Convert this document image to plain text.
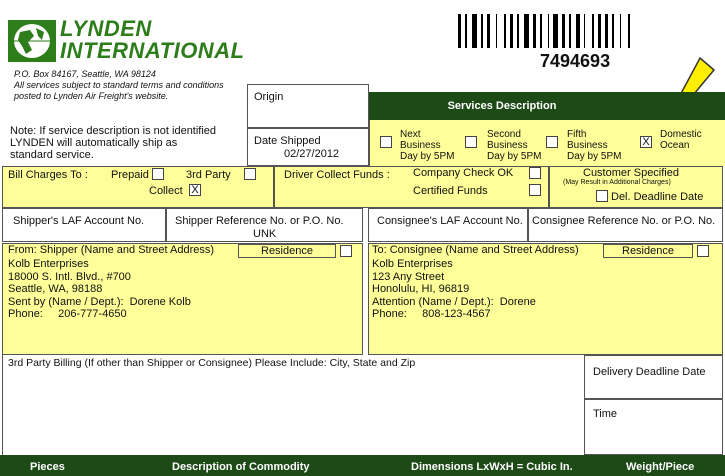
LYNDEN
INTERNATIONAL
P.O. Box 84167, Seattle, WA 98124
All services subject to standard terms and conditions
posted to Lynden Air Freight's website.
7494693
Note: If service description is not identified
LYNDEN will automatically ship as
standard service.
Origin
Date Shipped
02/27/2012
Services Description
Next
Business
Day by 5PM
Second
Business
Day by 5PM
Fifth
Business
Day by 5PM
X
Domestic
Ocean
Bill Charges To : Prepaid	3rd Party
Collect X
Driver Collect Funds : Company Check OK
Certified Funds
Customer Specified
(May Result in Additional Charges)
Del. Deadline Date
Shipper's LAF Account No.	Shipper Reference No. or P.O. No.
UNK
Consignee's LAF Account No. Consignee Reference No. or P.O. No.
From: Shipper (Name and Street Address)	Residence
Kolb Enterprises
18000 S. Intl. Blvd., #700
Seattle, WA, 98188
Sent by (Name / Dept.): Dorene Kolb
Phone: 206-777-4650
To: Consignee (Name and Street Address)	Residence
Kolb Enterprises
123 Any Street
Honolulu, HI, 96819
Attention (Name / Dept.): Dorene
Phone: 808-123-4567
3rd Party Billing (If other than Shipper or Consignee) Please Include: City, State and Zip
Delivery Deadline Date
Time
Pieces	Description of Commodity	Dimensions LxWxH = Cubic In.	Weight/Piece
